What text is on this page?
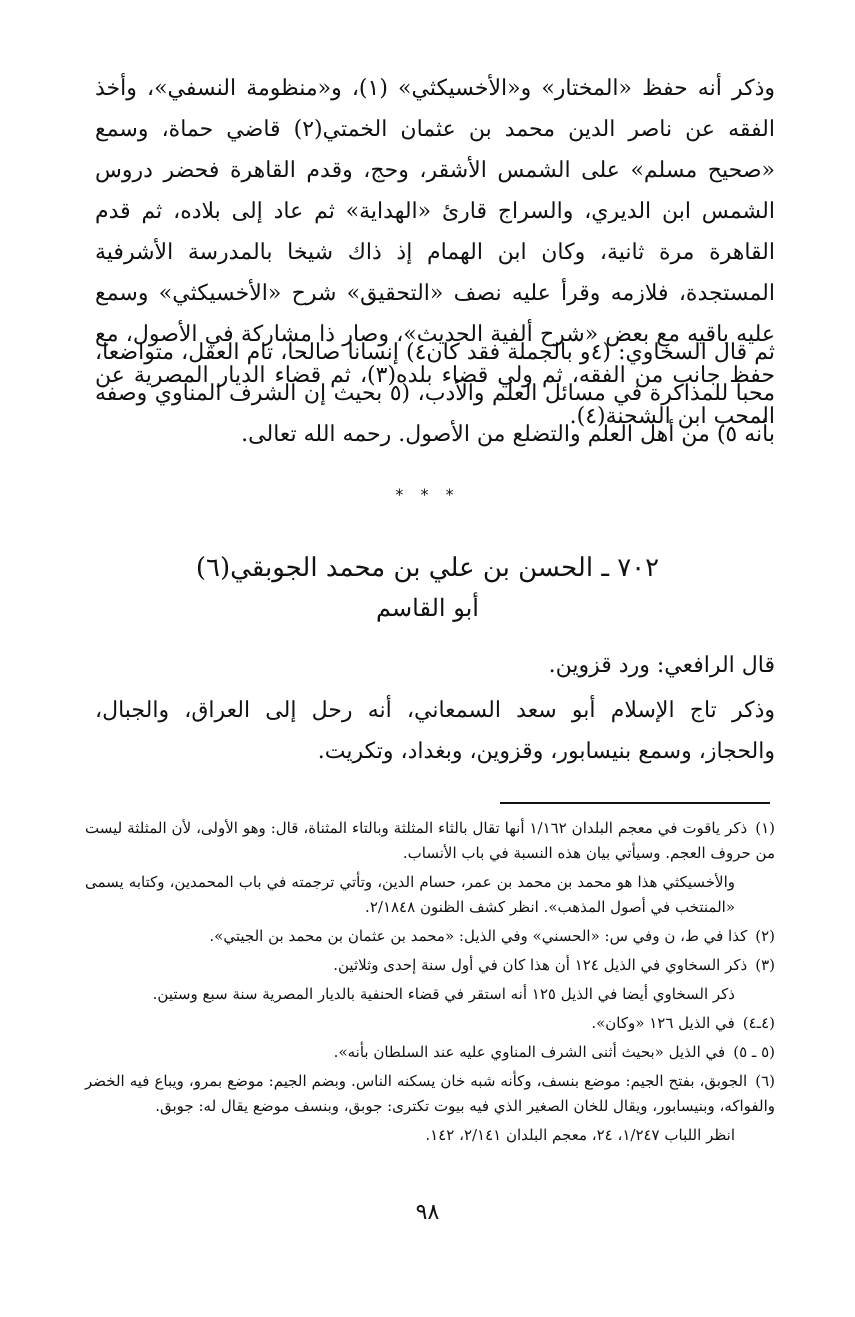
وذكر أنه حفظ «المختار» و«الأخسيكثي» (١)، و«منظومة النسفي»، وأخذ الفقه عن ناصر الدين محمد بن عثمان الخمتي(٢) قاضي حماة، وسمع «صحيح مسلم» على الشمس الأشقر، وحج، وقدم القاهرة فحضر دروس الشمس ابن الديري، والسراج قارئ «الهداية» ثم عاد إلى بلاده، ثم قدم القاهرة مرة ثانية، وكان ابن الهمام إذ ذاك شيخا بالمدرسة الأشرفية المستجدة، فلازمه وقرأ عليه نصف «التحقيق» شرح «الأخسيكثي» وسمع عليه باقيه مع بعض «شرح ألفية الحديث»، وصار ذا مشاركة في الأصول، مع حفظ جانب من الفقه، ثم ولي قضاء بلده(٣)، ثم قضاء الديار المصرية عن المحب ابن الشحنة(٤).

ثم قال السخاوي: (٤و بالجملة فقد كان٤) إنسانا صالحا، تام العقل، متواضعا، محبا للمذاكرة في مسائل العلم والأدب، (٥ بحيث إن الشرف المناوي وصفه بأنه ٥) من أهل العلم والتضلع من الأصول. رحمه الله تعالى.

* * *
٧٠٢ ـ الحسن بن علي بن محمد الجوبقي(٦)
أبو القاسم

قال الرافعي: ورد قزوين.

وذكر تاج الإسلام أبو سعد السمعاني، أنه رحل إلى العراق، والجبال، والحجاز، وسمع بنيسابور، وقزوين، وبغداد، وتكريت.

(١)ذكر ياقوت في معجم البلدان ١/١٦٢ أنها تقال بالثاء المثلثة وبالتاء المثناة، قال: وهو الأولى، لأن المثلثة ليست من حروف العجم. وسيأتي بيان هذه النسبة في باب الأنساب.

والأخسيكثي هذا هو محمد بن محمد بن عمر، حسام الدين، وتأتي ترجمته في باب المحمدين، وكتابه يسمى «المنتخب في أصول المذهب». انظر كشف الظنون ٢/١٨٤٨.

(٢)كذا في ط، ن وفي س: «الحسني» وفي الذيل: «محمد بن عثمان بن محمد بن الجيتي».

(٣)ذكر السخاوي في الذيل ١٢٤ أن هذا كان في أول سنة إحدى وثلاثين.

ذكر السخاوي أيضا في الذيل ١٢٥ أنه استقر في قضاء الحنفية بالديار المصرية سنة سبع وستين.

(٤ـ٤)في الذيل ١٢٦ «وكان».

(٥ ـ ٥)في الذيل «بحيث أثنى الشرف المناوي عليه عند السلطان بأنه».

(٦)الجوبق، بفتح الجيم: موضع بنسف، وكأنه شبه خان يسكنه الناس. وبضم الجيم: موضع بمرو، ويباع فيه الخضر والفواكه، وبنيسابور، ويقال للخان الصغير الذي فيه بيوت تكترى: جوبق، وبنسف موضع يقال له: جوبق.

انظر اللباب ١/٢٤٧، ٢٤، معجم البلدان ٢/١٤١، ١٤٢.

٩٨
